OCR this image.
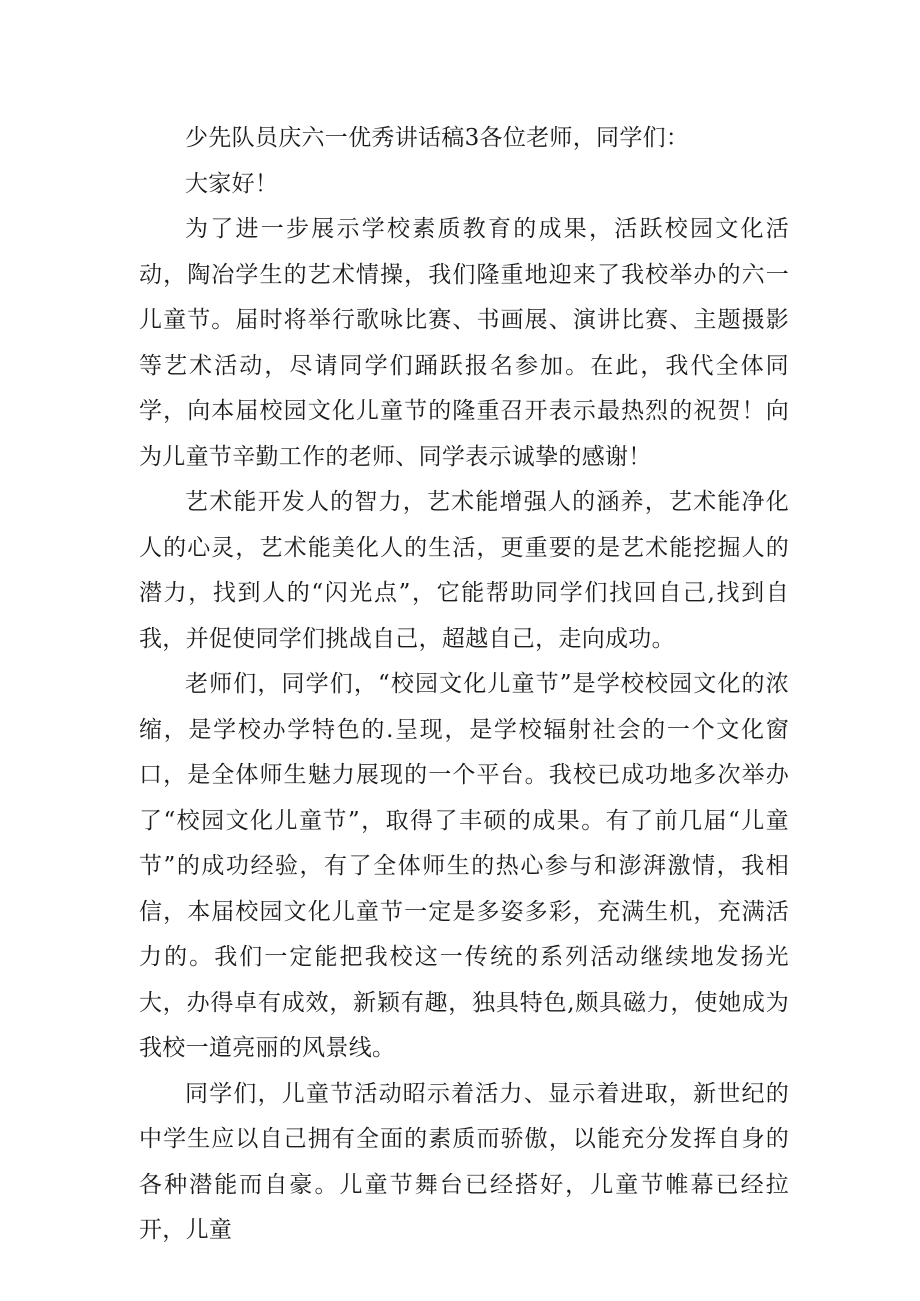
少先队员庆六一优秀讲话稿3各位老师，同学们：

大家好！

为了进一步展示学校素质教育的成果，活跃校园文化活动，陶冶学生的艺术情操，我们隆重地迎来了我校举办的六一儿童节。届时将举行歌咏比赛、书画展、演讲比赛、主题摄影等艺术活动，尽请同学们踊跃报名参加。在此，我代全体同学，向本届校园文化儿童节的隆重召开表示最热烈的祝贺！向为儿童节辛勤工作的老师、同学表示诚挚的感谢！

艺术能开发人的智力，艺术能增强人的涵养，艺术能净化人的心灵，艺术能美化人的生活，更重要的是艺术能挖掘人的潜力，找到人的“闪光点”，它能帮助同学们找回自己,找到自我，并促使同学们挑战自己，超越自己，走向成功。

老师们，同学们，“校园文化儿童节”是学校校园文化的浓缩，是学校办学特色的.呈现，是学校辐射社会的一个文化窗口，是全体师生魅力展现的一个平台。我校已成功地多次举办了“校园文化儿童节”，取得了丰硕的成果。有了前几届“儿童节”的成功经验，有了全体师生的热心参与和澎湃激情，我相信，本届校园文化儿童节一定是多姿多彩，充满生机，充满活力的。我们一定能把我校这一传统的系列活动继续地发扬光大，办得卓有成效，新颖有趣，独具特色,颇具磁力，使她成为我校一道亮丽的风景线。

同学们，儿童节活动昭示着活力、显示着进取，新世纪的中学生应以自己拥有全面的素质而骄傲，以能充分发挥自身的各种潜能而自豪。儿童节舞台已经搭好，儿童节帷幕已经拉开，儿童
